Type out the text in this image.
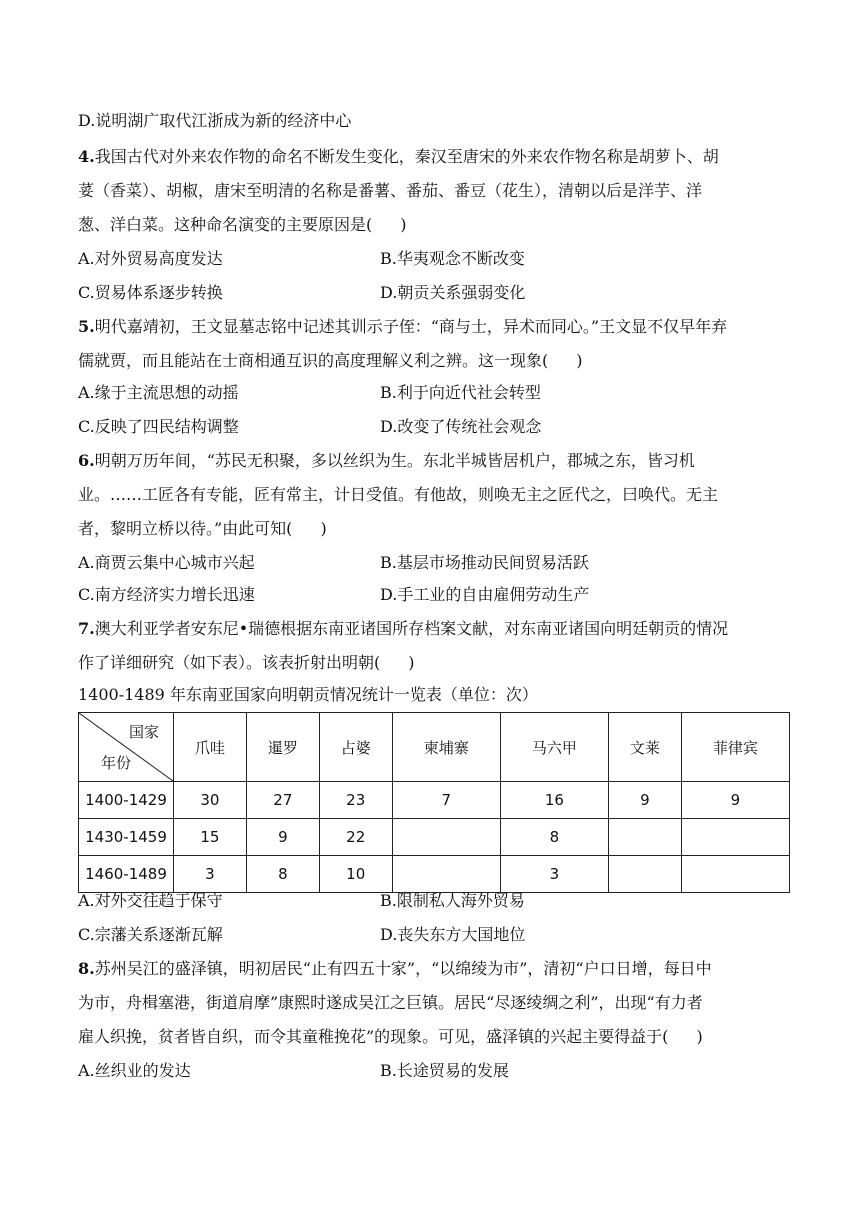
D.说明湖广取代江浙成为新的经济中心
4.我国古代对外来农作物的命名不断发生变化，秦汉至唐宋的外来农作物名称是胡萝卜、胡
荽（香菜）、胡椒，唐宋至明清的名称是番薯、番茄、番豆（花生），清朝以后是洋芋、洋
葱、洋白菜。这种命名演变的主要原因是( )
A.对外贸易高度发达	B.华夷观念不断改变
C.贸易体系逐步转换	D.朝贡关系强弱变化
5.明代嘉靖初，王文显墓志铭中记述其训示子侄：“商与士，异术而同心。”王文显不仅早年弃
儒就贾，而且能站在士商相通互识的高度理解义利之辨。这一现象( )
A.缘于主流思想的动摇	B.利于向近代社会转型
C.反映了四民结构调整	D.改变了传统社会观念
6.明朝万历年间，“苏民无积聚，多以丝织为生。东北半城皆居机户，郡城之东，皆习机
业。……工匠各有专能，匠有常主，计日受值。有他故，则唤无主之匠代之，曰唤代。无主
者，黎明立桥以待。”由此可知( )
A.商贾云集中心城市兴起	B.基层市场推动民间贸易活跃
C.南方经济实力增长迅速	D.手工业的自由雇佣劳动生产
7.澳大利亚学者安东尼•瑞德根据东南亚诸国所存档案文献，对东南亚诸国向明廷朝贡的情况
作了详细研究（如下表）。该表折射出明朝( )
1400-1489 年东南亚国家向明朝贡情况统计一览表（单位：次）
国家
年份	爪哇	暹罗	占婆	柬埔寨	马六甲	文莱	菲律宾
1400-1429	30	27	23	7	16	9	9
1430-1459	15	9	22		8		
1460-1489	3	8	10		3		
A.对外交往趋于保守	B.限制私人海外贸易
C.宗藩关系逐渐瓦解	D.丧失东方大国地位
8.苏州吴江的盛泽镇，明初居民“止有四五十家”，“以绵绫为市”，清初“户口日增，每日中
为市，舟楫塞港，街道肩摩”康熙时遂成吴江之巨镇。居民“尽逐绫绸之利”，出现“有力者
雇人织挽，贫者皆自织，而令其童稚挽花”的现象。可见，盛泽镇的兴起主要得益于( )
A.丝织业的发达	B.长途贸易的发展
